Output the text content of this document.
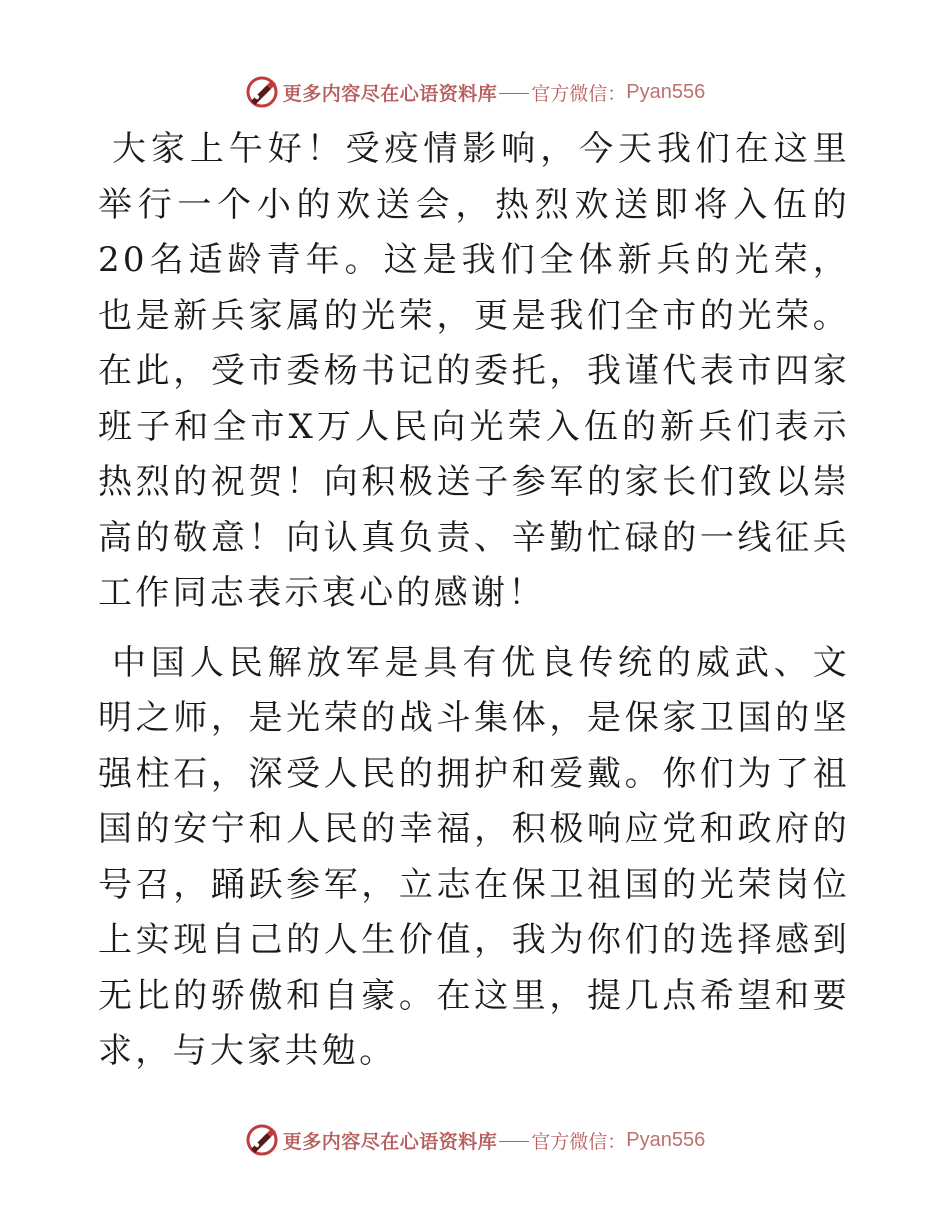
更多内容尽在心语资料库 官方微信： Pyan556

大家上午好！受疫情影响，今天我们在这里举行一个小的欢送会，热烈欢送即将入伍的20名适龄青年。这是我们全体新兵的光荣，也是新兵家属的光荣，更是我们全市的光荣。在此，受市委杨书记的委托，我谨代表市四家班子和全市X万人民向光荣入伍的新兵们表示热烈的祝贺！向积极送子参军的家长们致以崇高的敬意！向认真负责、辛勤忙碌的一线征兵工作同志表示衷心的感谢！

中国人民解放军是具有优良传统的威武、文明之师，是光荣的战斗集体，是保家卫国的坚强柱石，深受人民的拥护和爱戴。你们为了祖国的安宁和人民的幸福，积极响应党和政府的号召，踊跃参军，立志在保卫祖国的光荣岗位上实现自己的人生价值，我为你们的选择感到无比的骄傲和自豪。在这里，提几点希望和要求，与大家共勉。

更多内容尽在心语资料库 官方微信： Pyan556
